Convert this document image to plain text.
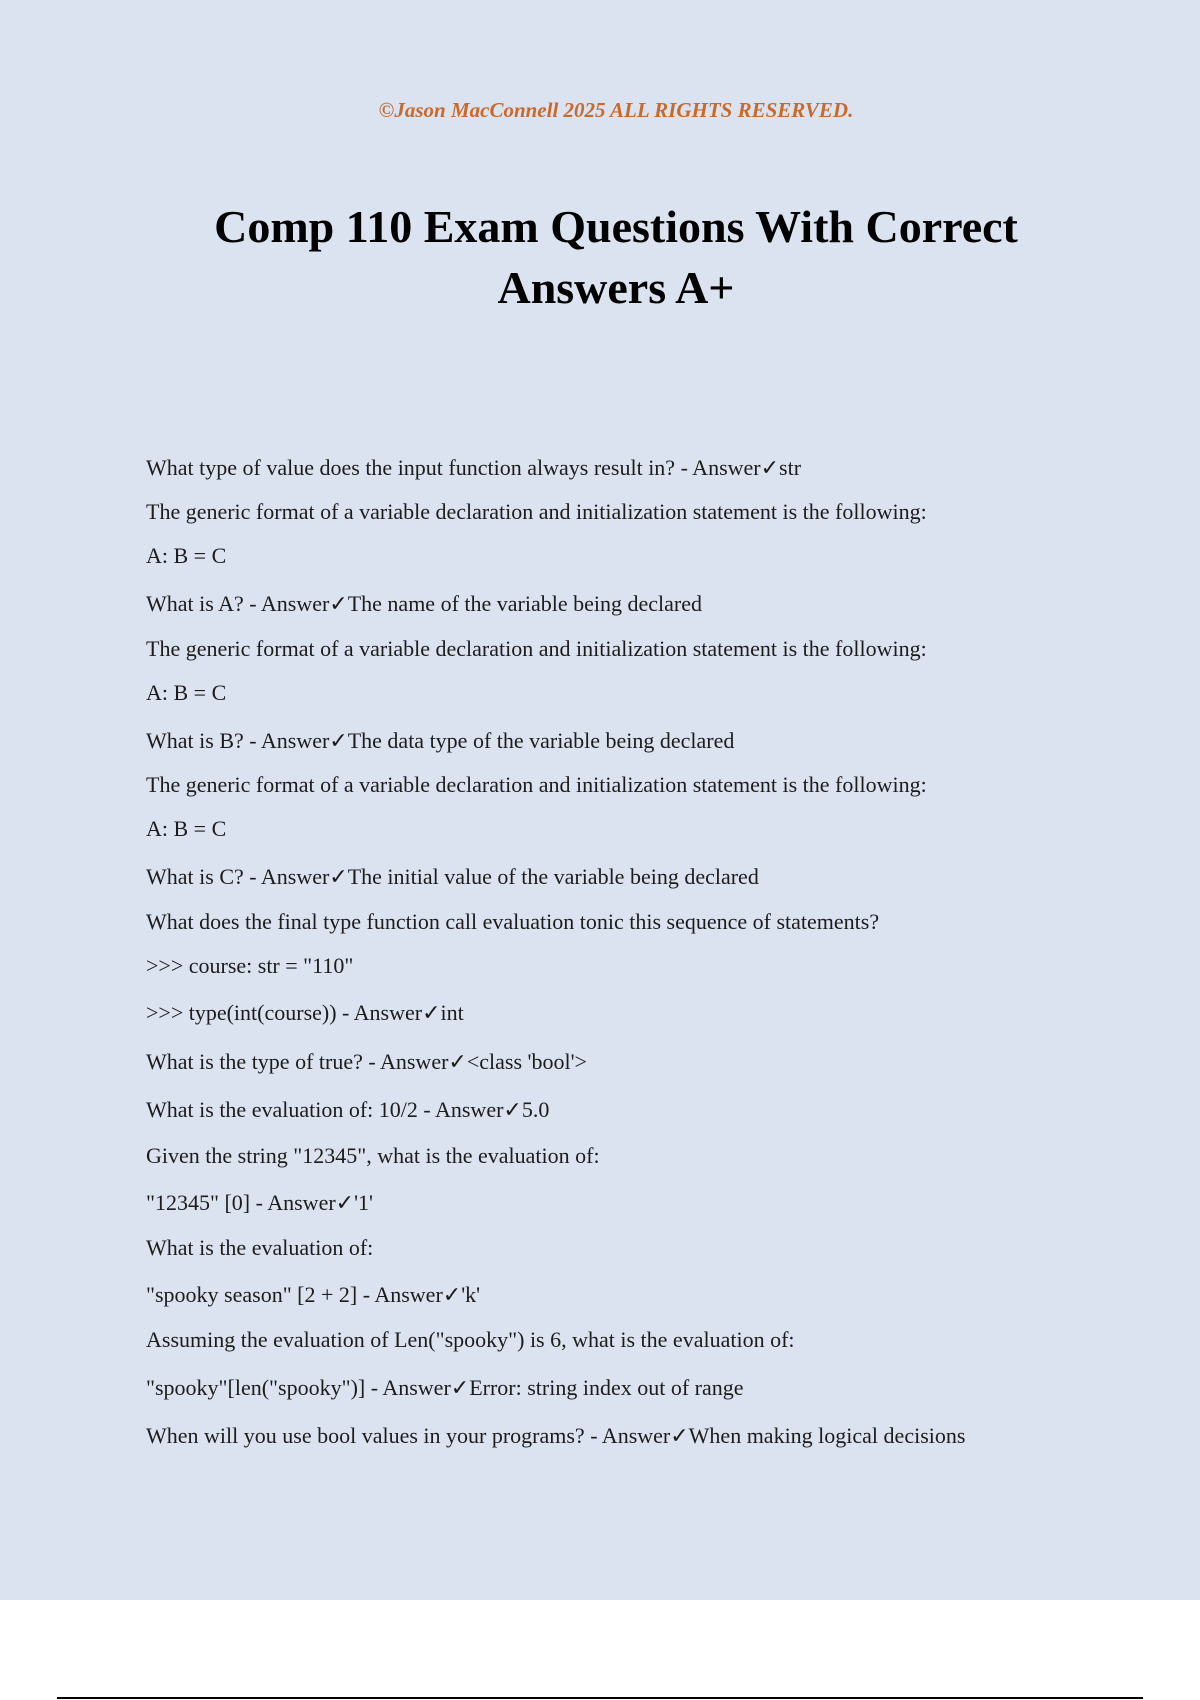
©Jason MacConnell 2025 ALL RIGHTS RESERVED.
Comp 110 Exam Questions With Correct Answers A+
What type of value does the input function always result in? - Answer✓str
The generic format of a variable declaration and initialization statement is the following:
A: B = C
What is A? - Answer✓The name of the variable being declared
The generic format of a variable declaration and initialization statement is the following:
A: B = C
What is B? - Answer✓The data type of the variable being declared
The generic format of a variable declaration and initialization statement is the following:
A: B = C
What is C? - Answer✓The initial value of the variable being declared
What does the final type function call evaluation tonic this sequence of statements?
>>> course: str = "110"
>>> type(int(course)) - Answer✓int
What is the type of true? - Answer✓<class 'bool'>
What is the evaluation of: 10/2 - Answer✓5.0
Given the string "12345", what is the evaluation of:
"12345" [0] - Answer✓'1'
What is the evaluation of:
"spooky season" [2 + 2] - Answer✓'k'
Assuming the evaluation of Len("spooky") is 6, what is the evaluation of:
"spooky"[len("spooky")] - Answer✓Error: string index out of range
When will you use bool values in your programs? - Answer✓When making logical decisions
